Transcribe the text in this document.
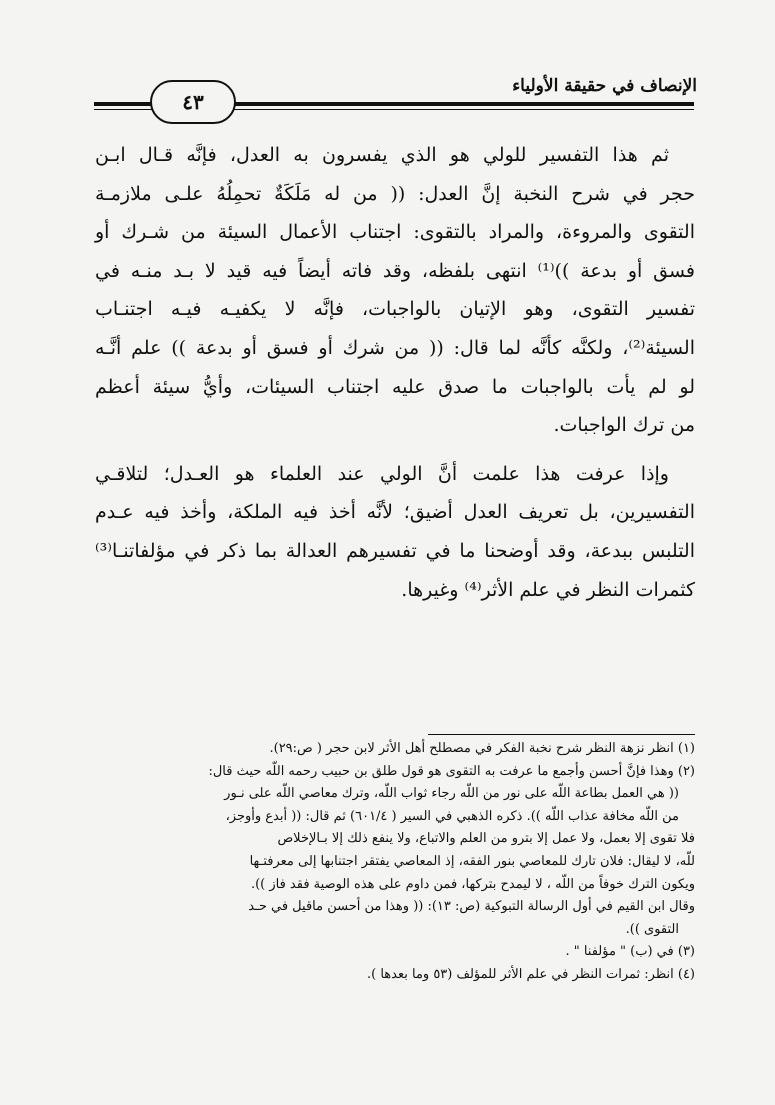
الإنصاف في حقيقة الأولياء
٤٣

ثم هذا التفسير للولي هو الذي يفسرون به العدل، فإنَّه قـال ابـن

حجر في شرح النخبة إنَّ العدل: (( من له مَلَكَةٌ تحمِلُهُ علـى ملازمـة

التقوى والمروءة، والمراد بالتقوى: اجتناب الأعمال السيئة من شـرك أو

فسق أو بدعة ))⁽¹⁾ انتهى بلفظه، وقد فاته أيضاً فيه قيد لا بـد منـه في

تفسير التقوى، وهو الإتيان بالواجبات، فإنَّه لا يكفيـه فيـه اجتنـاب

السيئة⁽²⁾، ولكنَّه كأنَّه لما قال: (( من شرك أو فسق أو بدعة )) علم أنَّـه

لو لم يأت بالواجبات ما صدق عليه اجتناب السيئات، وأيُّ سيئة أعظم

من ترك الواجبات.

وإذا عرفت هذا علمت أنَّ الولي عند العلماء هو العـدل؛ لتلاقـي

التفسيرين، بل تعريف العدل أضيق؛ لأنَّه أخذ فيه الملكة، وأخذ فيه عـدم

التلبس ببدعة، وقد أوضحنا ما في تفسيرهم العدالة بما ذكر في مؤلفاتنـا⁽³⁾

كثمرات النظر في علم الأثر⁽⁴⁾ وغيرها.

(١) انظر نزهة النظر شرح نخبة الفكر في مصطلح أهل الأثر لابن حجر ( ص:٢٩).

(٢) وهذا فإنَّ أحسن وأجمع ما عرفت به التقوى هو قول طلق بن حبيب رحمه اللّه حيث قال:

(( هي العمل بطاعة اللّه على نور من اللّه رجاء ثواب اللّه، وترك معاصي اللّه على نـور

من اللّه مخافة عذاب اللّه )). ذكره الذهبي في السير ( ٦٠١/٤) ثم قال: (( أبدع وأوجز،

فلا تقوى إلا بعمل، ولا عمل إلا بترو من العلم والاتباع، ولا ينفع ذلك إلا بـالإخلاص

للّه، لا ليقال: فلان تارك للمعاصي بنور الفقه، إذ المعاصي يفتقر اجتنابها إلى معرفتـها

ويكون الترك خوفاً من اللّه ، لا ليمدح بتركها، فمن داوم على هذه الوصية فقد فاز )).

وقال ابن القيم في أول الرسالة التبوكية (ص: ١٣): (( وهذا من أحسن ماقيل في حـد

التقوى )).

(٣) في (ب) " مؤلفنا " .

(٤) انظر: ثمرات النظر في علم الأثر للمؤلف (٥٣ وما بعدها ).
